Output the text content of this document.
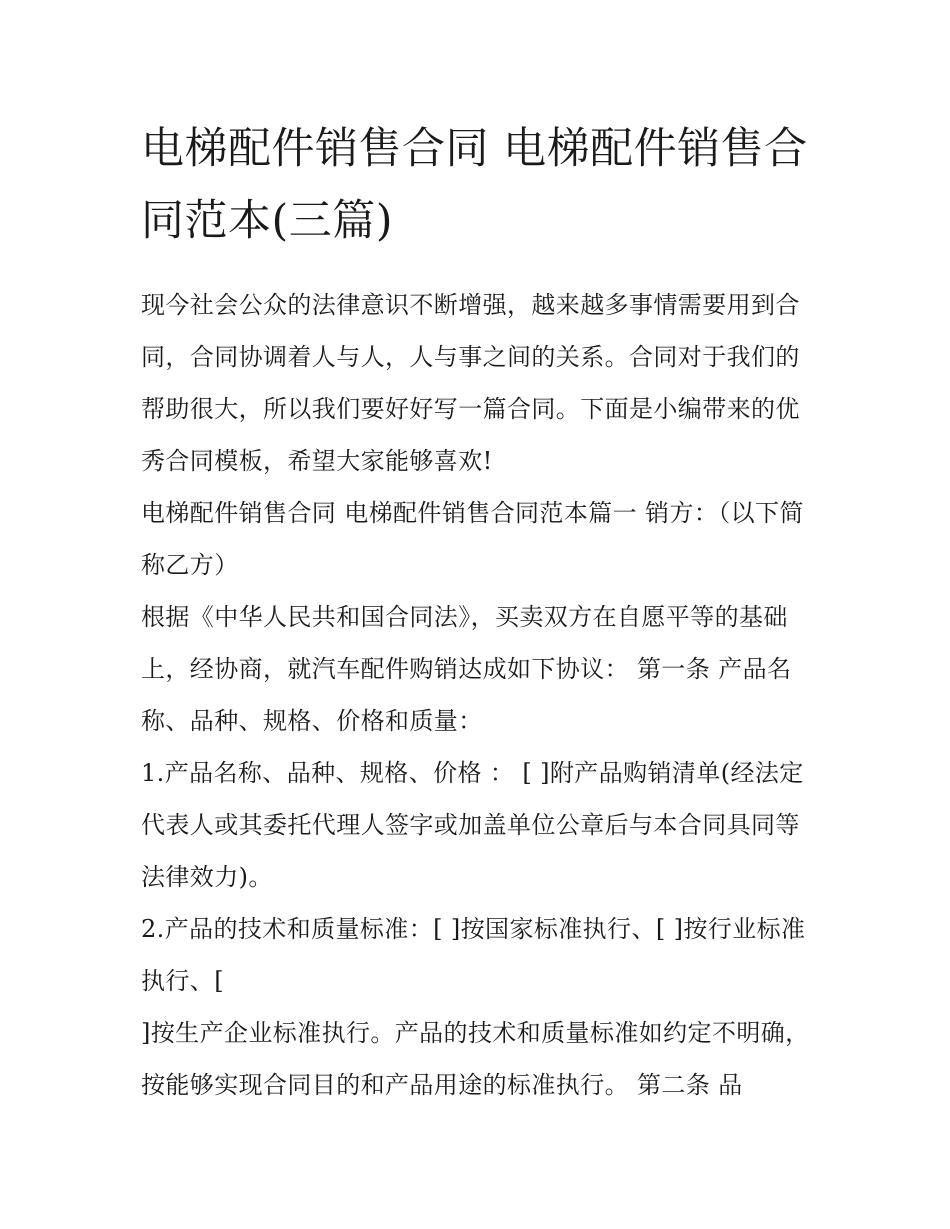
电梯配件销售合同 电梯配件销售合同范本(三篇)

现今社会公众的法律意识不断增强，越来越多事情需要用到合同，合同协调着人与人，人与事之间的关系。合同对于我们的帮助很大，所以我们要好好写一篇合同。下面是小编带来的优秀合同模板，希望大家能够喜欢!

电梯配件销售合同 电梯配件销售合同范本篇一 销方：（以下简称乙方）

根据《中华人民共和国合同法》，买卖双方在自愿平等的基础上，经协商，就汽车配件购销达成如下协议： 第一条 产品名称、品种、规格、价格和质量：

1.产品名称、品种、规格、价格 ： [ ]附产品购销清单(经法定代表人或其委托代理人签字或加盖单位公章后与本合同具同等法律效力)。

2.产品的技术和质量标准：[ ]按国家标准执行、[ ]按行业标准执行、[

]按生产企业标准执行。产品的技术和质量标准如约定不明确，按能够实现合同目的和产品用途的标准执行。 第二条 品
